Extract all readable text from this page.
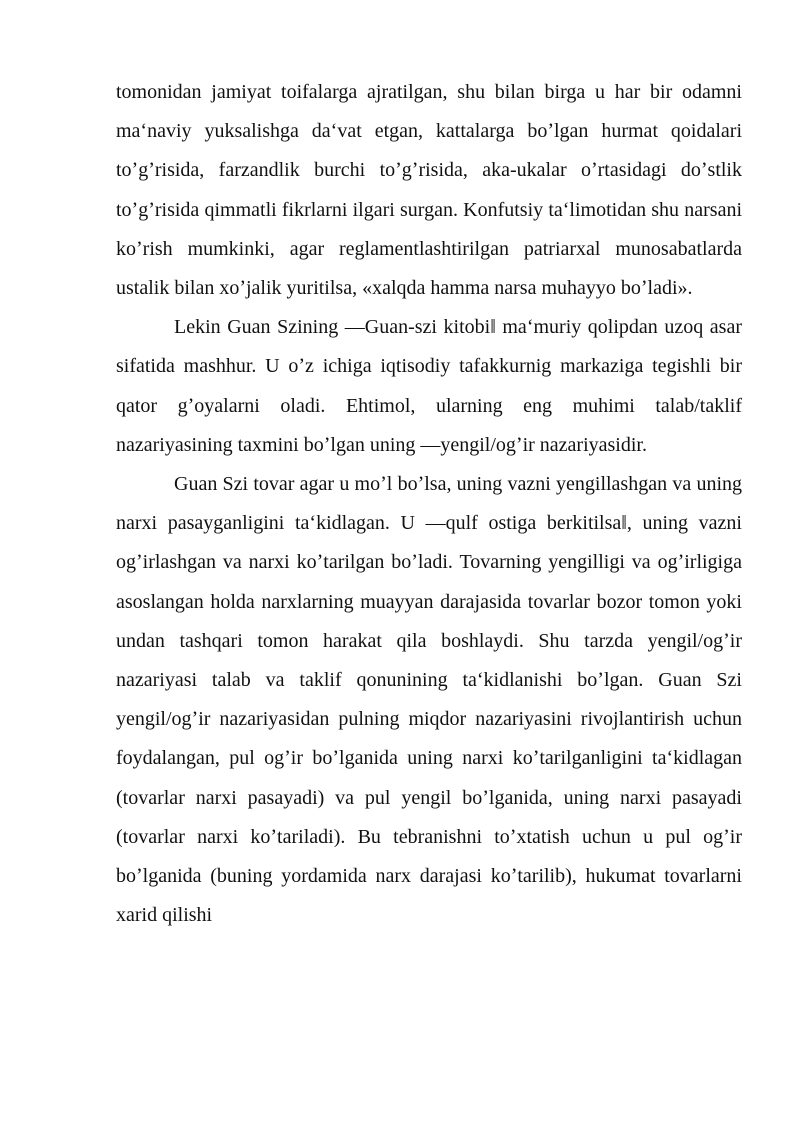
tomonidan jamiyat toifalarga ajratilgan, shu bilan birga u har bir odamni maʻnaviy yuksalishga daʻvat etgan, kattalarga boʼlgan hurmat qoidalari toʼgʼrisida, farzandlik burchi toʼgʼrisida, aka-ukalar oʼrtasidagi doʼstlik toʼgʼrisida qimmatli fikrlarni ilgari surgan. Konfutsiy taʻlimotidan shu narsani koʼrish mumkinki, agar reglamentlashtirilgan patriarxal munosabatlarda ustalik bilan xoʼjalik yuritilsa, «xalqda hamma narsa muhayyo boʼladi».

Lekin Guan Szining ―Guan-szi kitobi‖ maʻmuriy qolipdan uzoq asar sifatida mashhur. U oʼz ichiga iqtisodiy tafakkurnig markaziga tegishli bir qator gʼoyalarni oladi. Ehtimol, ularning eng muhimi talab/taklif nazariyasining taxmini boʼlgan uning ―yengil/ogʼir nazariyasidir.

Guan Szi tovar agar u moʼl boʼlsa, uning vazni yengillashgan va uning narxi pasayganligini taʻkidlagan. U ―qulf ostiga berkitilsa‖, uning vazni ogʼirlashgan va narxi koʼtarilgan boʼladi. Tovarning yengilligi va ogʼirligiga asoslangan holda narxlarning muayyan darajasida tovarlar bozor tomon yoki undan tashqari tomon harakat qila boshlaydi. Shu tarzda yengil/ogʼir nazariyasi talab va taklif qonunining taʻkidlanishi boʼlgan. Guan Szi yengil/ogʼir nazariyasidan pulning miqdor nazariyasini rivojlantirish uchun foydalangan, pul ogʼir boʼlganida uning narxi koʼtarilganligini taʻkidlagan (tovarlar narxi pasayadi) va pul yengil boʼlganida, uning narxi pasayadi (tovarlar narxi koʼtariladi). Bu tebranishni toʼxtatish uchun u pul ogʼir boʼlganida (buning yordamida narx darajasi koʼtarilib), hukumat tovarlarni xarid qilishi
